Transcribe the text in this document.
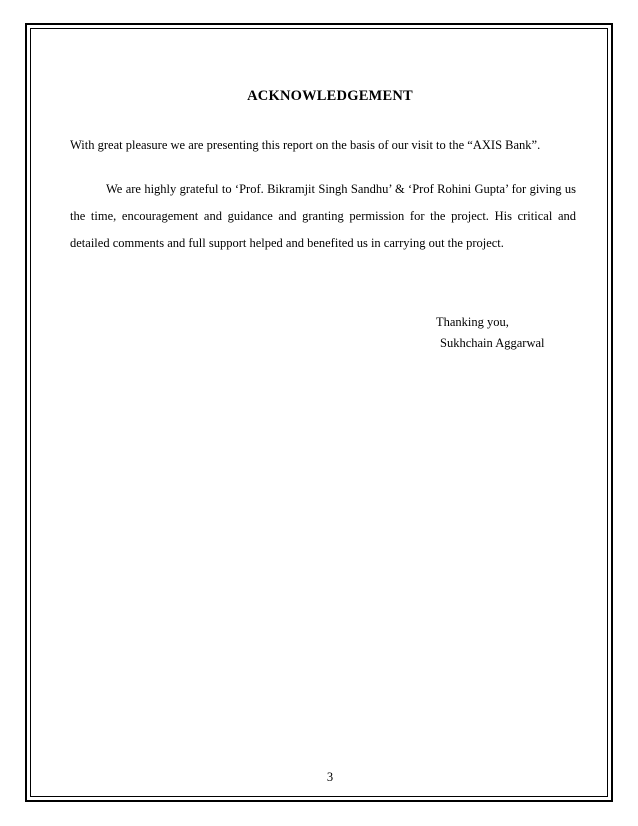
ACKNOWLEDGEMENT
With great pleasure we are presenting this report on the basis of our visit to the “AXIS Bank”.
We are highly grateful to ‘Prof. Bikramjit Singh Sandhu’ & ‘Prof Rohini Gupta’ for giving us the time, encouragement and guidance and granting permission for the project. His critical and detailed comments and full support helped and benefited us in carrying out the project.
Thanking you,
Sukhchain Aggarwal
3
